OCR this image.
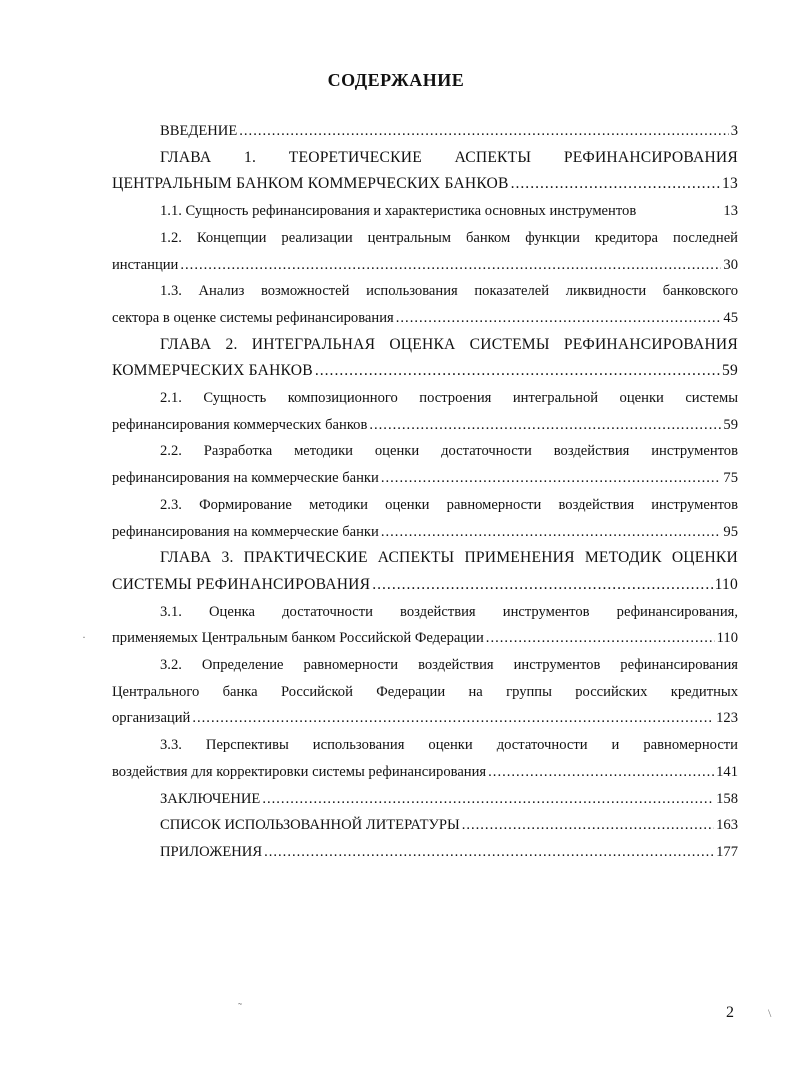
СОДЕРЖАНИЕ
ВВЕДЕНИЕ .....	3
ГЛАВА 1. ТЕОРЕТИЧЕСКИЕ АСПЕКТЫ РЕФИНАНСИРОВАНИЯ
ЦЕНТРАЛЬНЫМ БАНКОМ КОММЕРЧЕСКИХ БАНКОВ .....	13
1.1. Сущность рефинансирования и характеристика основных инструментов .....	13
1.2. Концепции реализации центральным банком функции кредитора последней
инстанции .....	30
1.3. Анализ возможностей использования показателей ликвидности банковского
сектора в оценке системы рефинансирования .....	45
ГЛАВА 2. ИНТЕГРАЛЬНАЯ ОЦЕНКА СИСТЕМЫ РЕФИНАНСИРОВАНИЯ
КОММЕРЧЕСКИХ БАНКОВ .....	59
2.1. Сущность композиционного построения интегральной оценки системы
рефинансирования коммерческих банков .....	59
2.2. Разработка методики оценки достаточности воздействия инструментов
рефинансирования на коммерческие банки .....	75
2.3. Формирование методики оценки равномерности воздействия инструментов
рефинансирования на коммерческие банки .....	95
ГЛАВА 3. ПРАКТИЧЕСКИЕ АСПЕКТЫ ПРИМЕНЕНИЯ МЕТОДИК ОЦЕНКИ
СИСТЕМЫ РЕФИНАНСИРОВАНИЯ .....	110
3.1. Оценка достаточности воздействия инструментов рефинансирования,
применяемых Центральным банком Российской Федерации .....	110
3.2. Определение равномерности воздействия инструментов рефинансирования Центрального банка Российской Федерации на группы российских кредитных
организаций .....	123
3.3. Перспективы использования оценки достаточности и равномерности
воздействия для корректировки системы рефинансирования .....	141
ЗАКЛЮЧЕНИЕ .....	158
СПИСОК ИСПОЛЬЗОВАННОЙ ЛИТЕРАТУРЫ .....	163
ПРИЛОЖЕНИЯ .....	177
2
·
˜	\
